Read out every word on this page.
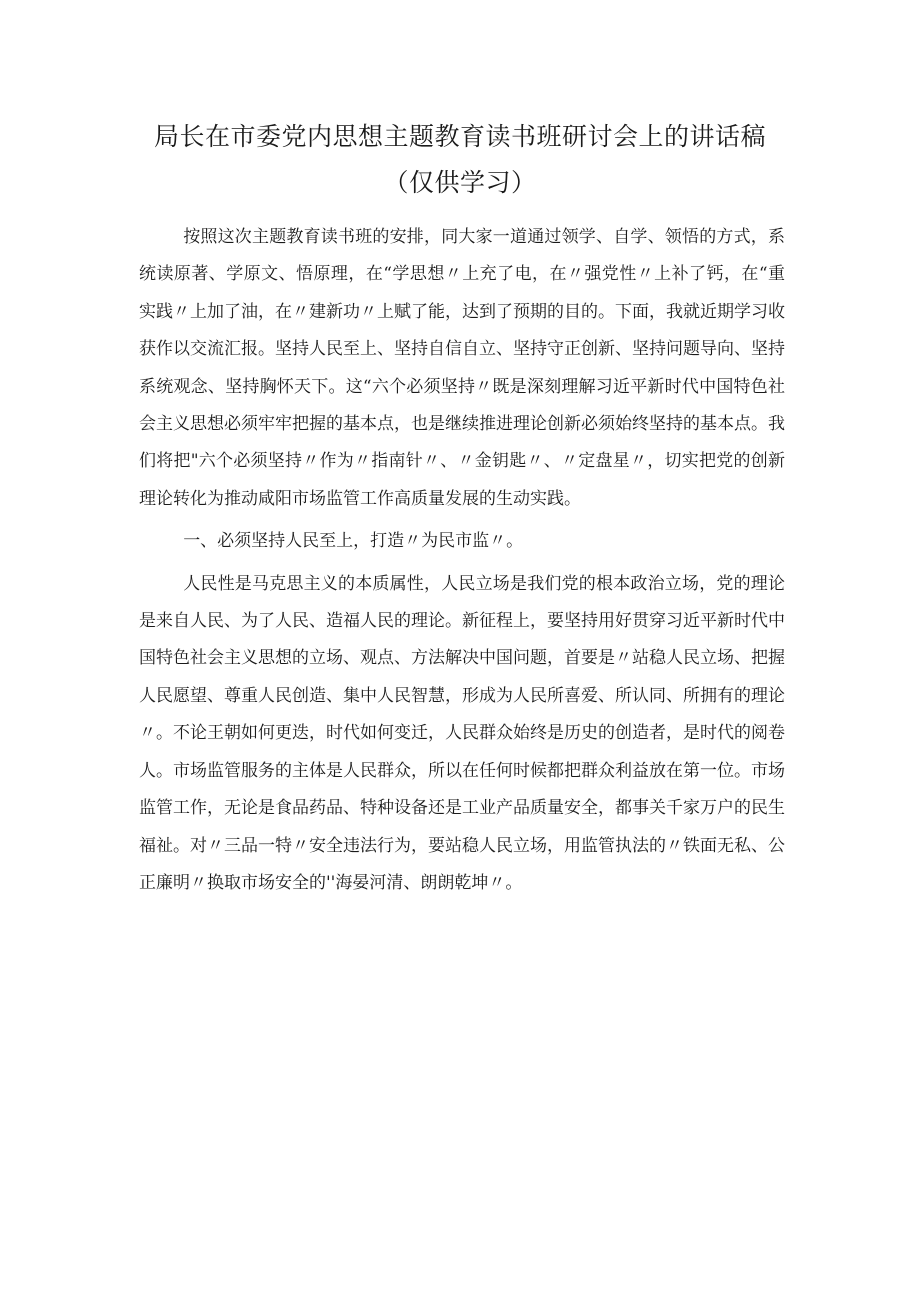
局长在市委党内思想主题教育读书班研讨会上的讲话稿（仅供学习）

按照这次主题教育读书班的安排，同大家一道通过领学、自学、领悟的方式，系统读原著、学原文、悟原理，在“学思想〃上充了电，在〃强党性〃上补了钙，在“重实践〃上加了油，在〃建新功〃上赋了能，达到了预期的目的。下面，我就近期学习收获作以交流汇报。坚持人民至上、坚持自信自立、坚持守正创新、坚持问题导向、坚持系统观念、坚持胸怀天下。这“六个必须坚持〃既是深刻理解习近平新时代中国特色社会主义思想必须牢牢把握的基本点，也是继续推进理论创新必须始终坚持的基本点。我们将把"六个必须坚持〃作为〃指南针〃、〃金钥匙〃、〃定盘星〃，切实把党的创新理论转化为推动咸阳市场监管工作高质量发展的生动实践。

一、必须坚持人民至上，打造〃为民市监〃。

人民性是马克思主义的本质属性，人民立场是我们党的根本政治立场，党的理论是来自人民、为了人民、造福人民的理论。新征程上，要坚持用好贯穿习近平新时代中国特色社会主义思想的立场、观点、方法解决中国问题，首要是〃站稳人民立场、把握人民愿望、尊重人民创造、集中人民智慧，形成为人民所喜爱、所认同、所拥有的理论〃。不论王朝如何更迭，时代如何变迁，人民群众始终是历史的创造者，是时代的阅卷人。市场监管服务的主体是人民群众，所以在任何时候都把群众利益放在第一位。市场监管工作，无论是食品药品、特种设备还是工业产品质量安全，都事关千家万户的民生福祉。对〃三品一特〃安全违法行为，要站稳人民立场，用监管执法的〃铁面无私、公正廉明〃换取市场安全的''海晏河清、朗朗乾坤〃。
